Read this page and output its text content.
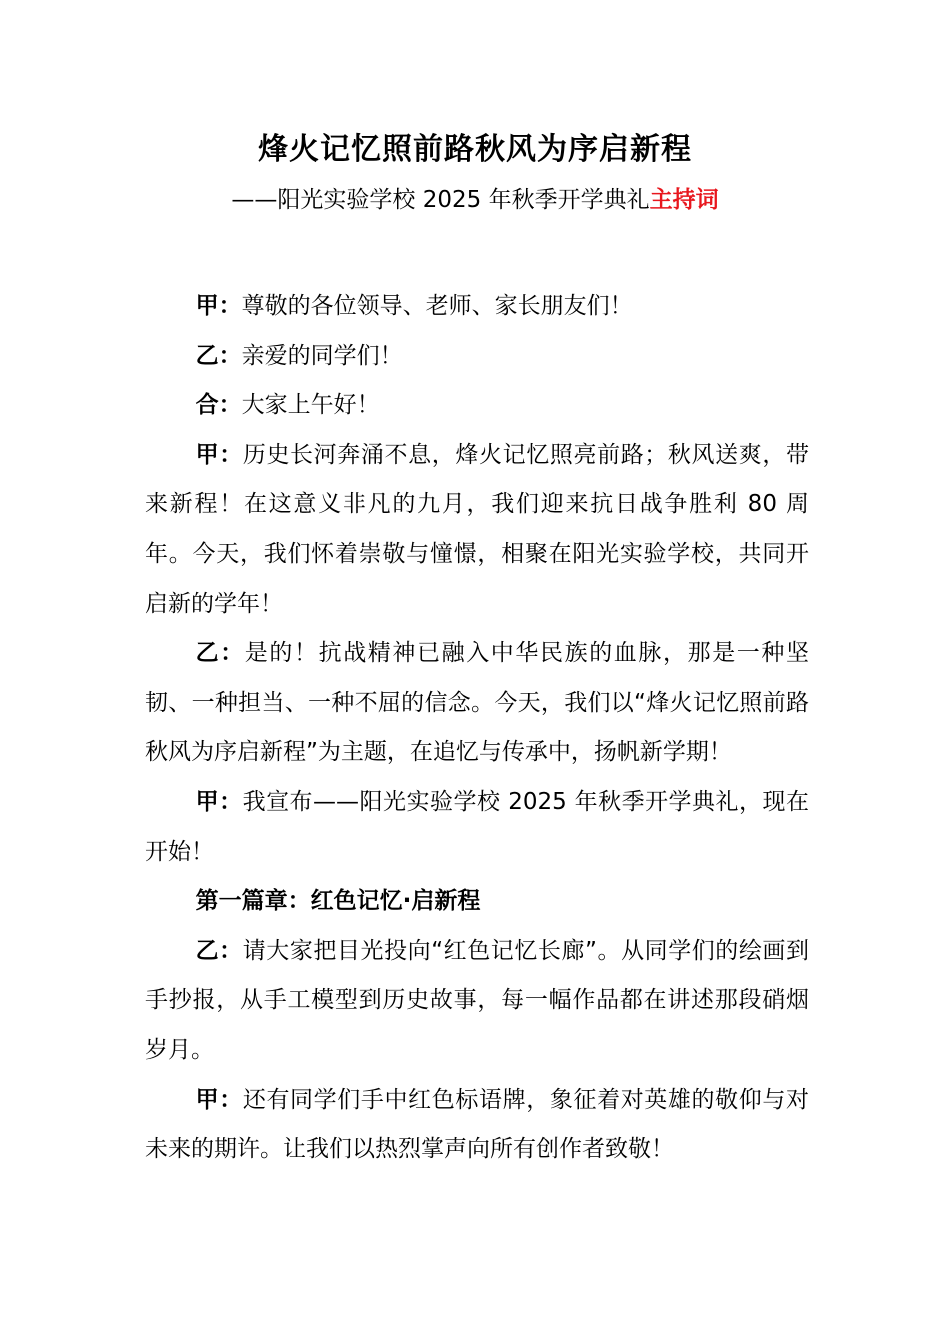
烽火记忆照前路秋风为序启新程
——阳光实验学校 2025 年秋季开学典礼主持词

甲：尊敬的各位领导、老师、家长朋友们！

乙：亲爱的同学们！

合：大家上午好！

甲：历史长河奔涌不息，烽火记忆照亮前路；秋风送爽，带来新程！在这意义非凡的九月，我们迎来抗日战争胜利 80 周年。今天，我们怀着崇敬与憧憬，相聚在阳光实验学校，共同开启新的学年！

乙：是的！抗战精神已融入中华民族的血脉，那是一种坚韧、一种担当、一种不屈的信念。今天，我们以“烽火记忆照前路秋风为序启新程”为主题，在追忆与传承中，扬帆新学期！

甲：我宣布——阳光实验学校 2025 年秋季开学典礼，现在开始！

第一篇章：红色记忆·启新程

乙：请大家把目光投向“红色记忆长廊”。从同学们的绘画到手抄报，从手工模型到历史故事，每一幅作品都在讲述那段硝烟岁月。

甲：还有同学们手中红色标语牌，象征着对英雄的敬仰与对未来的期许。让我们以热烈掌声向所有创作者致敬！
